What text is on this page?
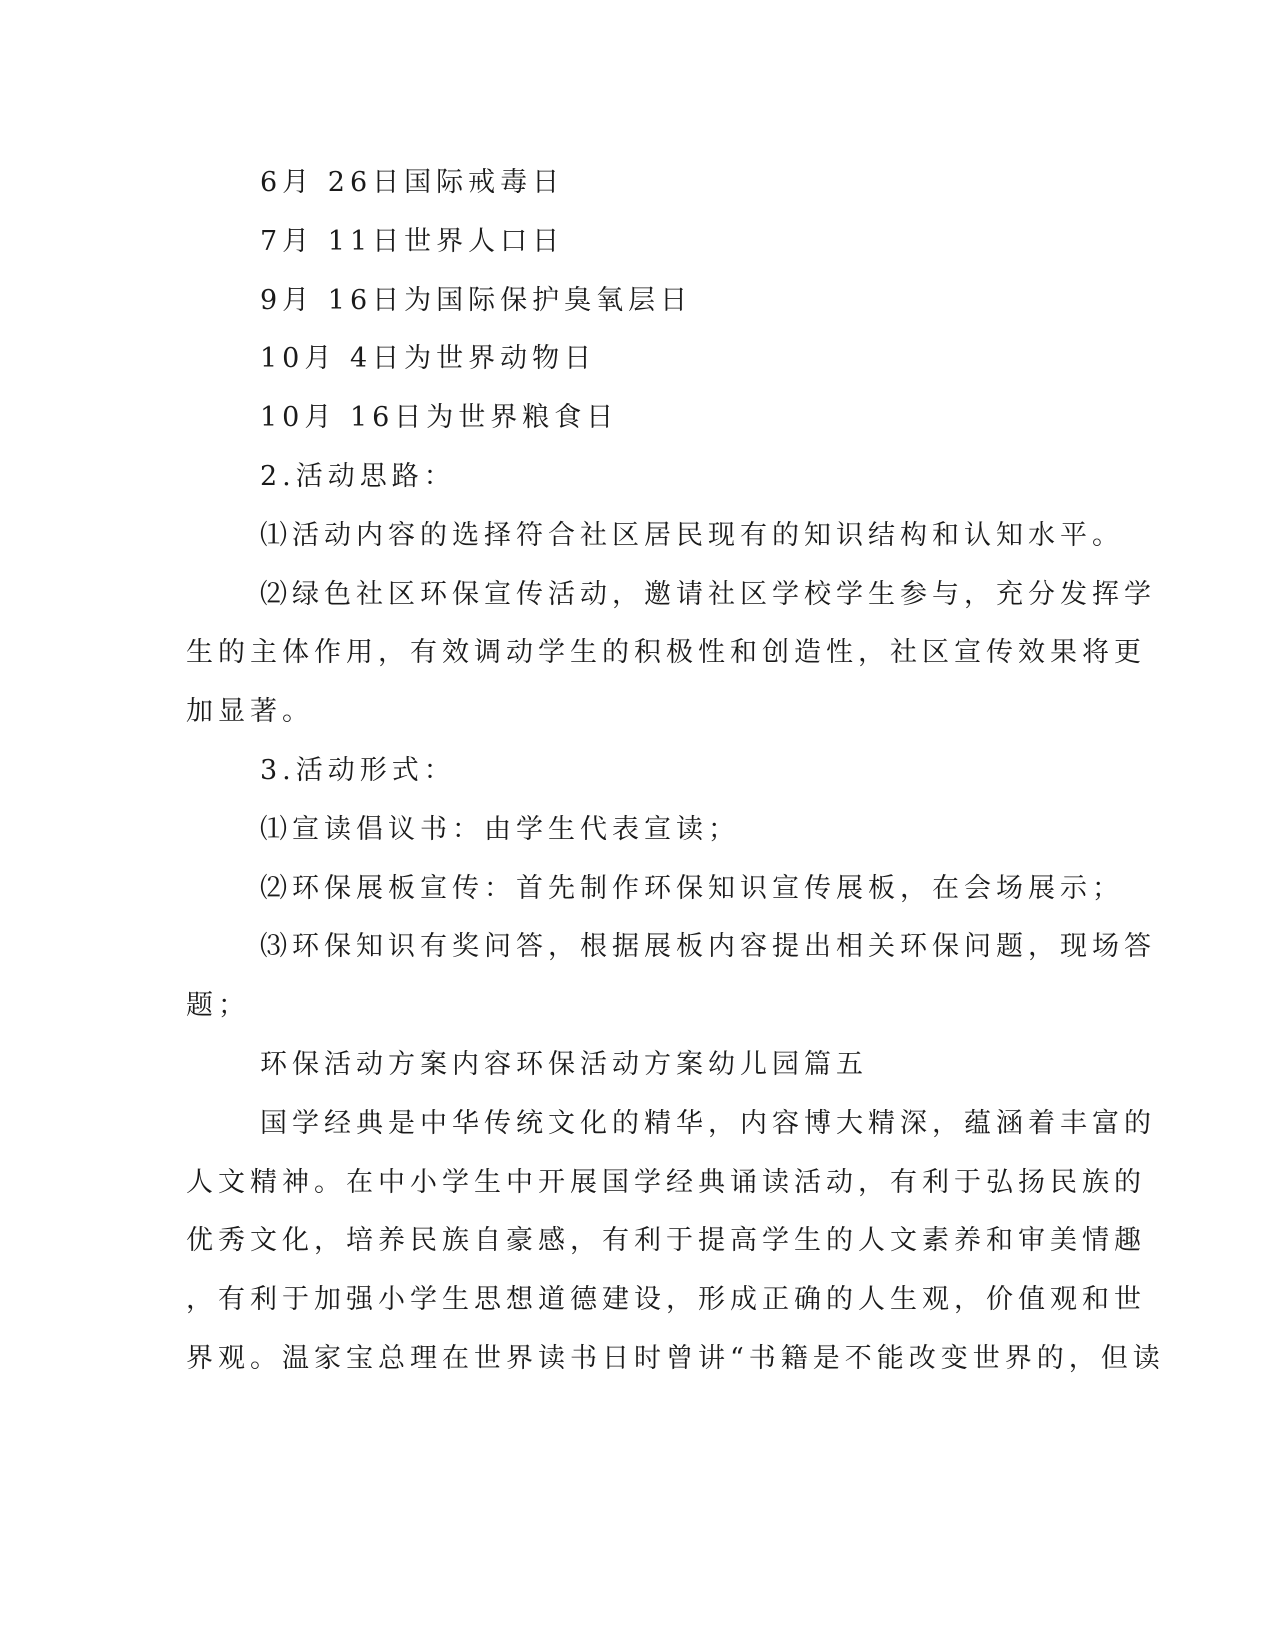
6月 26日国际戒毒日
7月 11日世界人口日
9月 16日为国际保护臭氧层日
10月 4日为世界动物日
10月 16日为世界粮食日
2.活动思路：
⑴活动内容的选择符合社区居民现有的知识结构和认知水平。
⑵绿色社区环保宣传活动，邀请社区学校学生参与，充分发挥学
生的主体作用，有效调动学生的积极性和创造性，社区宣传效果将更
加显著。
3.活动形式：
⑴宣读倡议书：由学生代表宣读；
⑵环保展板宣传：首先制作环保知识宣传展板，在会场展示；
⑶环保知识有奖问答，根据展板内容提出相关环保问题，现场答
题；
环保活动方案内容环保活动方案幼儿园篇五
国学经典是中华传统文化的精华，内容博大精深，蕴涵着丰富的
人文精神。在中小学生中开展国学经典诵读活动，有利于弘扬民族的
优秀文化，培养民族自豪感，有利于提高学生的人文素养和审美情趣
，有利于加强小学生思想道德建设，形成正确的人生观，价值观和世
界观。温家宝总理在世界读书日时曾讲“书籍是不能改变世界的，但读
